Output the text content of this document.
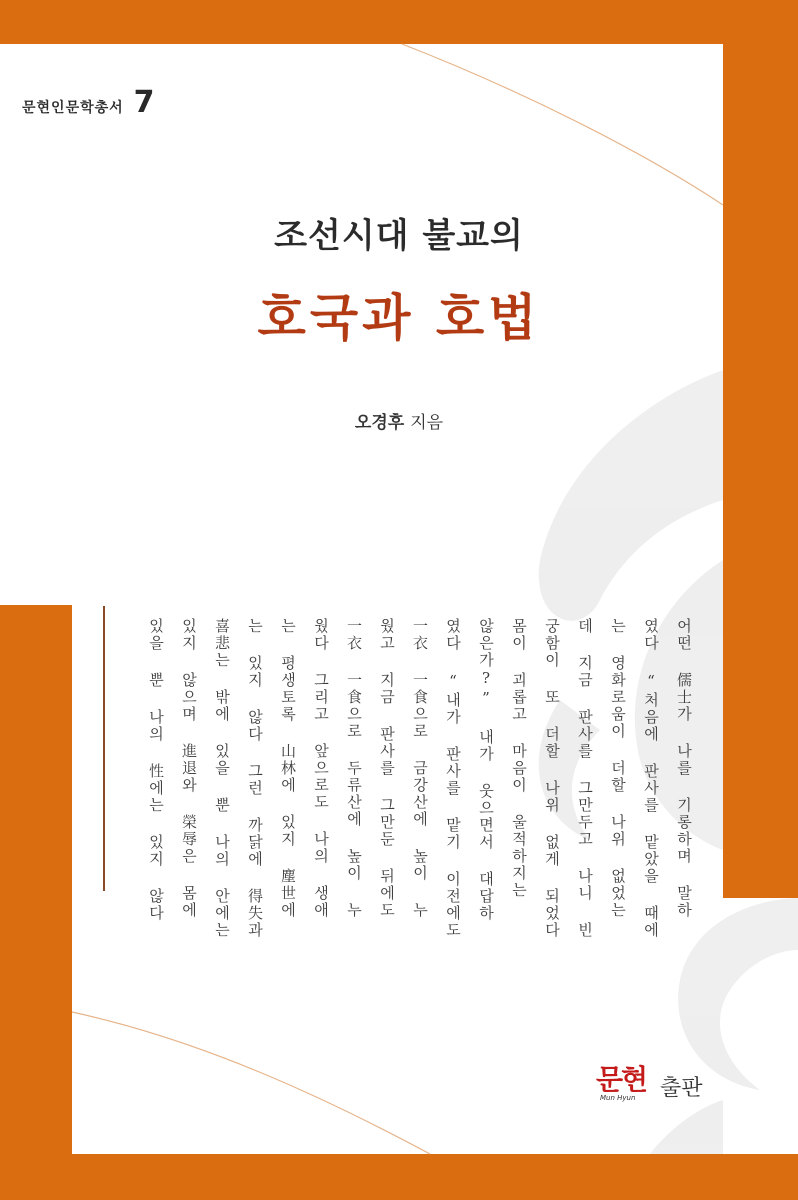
문현인문학총서 7
조선시대 불교의
호국과 호법
오경후 지음
어떤 儒士가 나를 기롱하며 말하
였다 “처음에 판사를 맡았을 때에
는 영화로움이 더할 나위 없었는
데 지금 판사를 그만두고 나니 빈
궁함이 또 더할 나위 없게 되었다
몸이 괴롭고 마음이 울적하지는
않은가?” 내가 웃으면서 대답하
였다 “내가 판사를 맡기 이전에도
一衣 一食으로 금강산에 높이 누
웠고 지금 판사를 그만둔 뒤에도
一衣 一食으로 두류산에 높이 누
웠다 그리고 앞으로도 나의 생애
는 평생토록 山林에 있지 塵世에
는 있지 않다 그런 까닭에 得失과
喜悲는 밖에 있을 뿐 나의 안에는
있지 않으며 進退와 榮辱은 몸에
있을 뿐 나의 性에는 있지 않다
문현
Mun Hyun 출판
